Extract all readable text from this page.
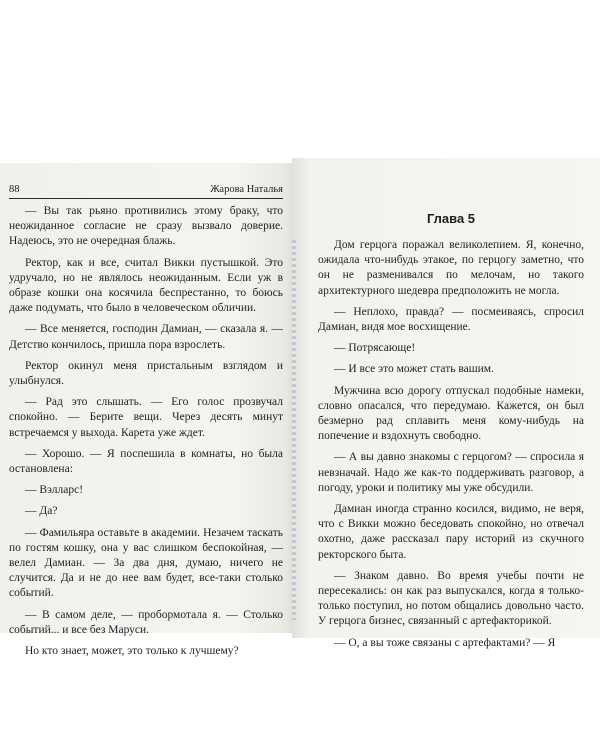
88	Жарова Наталья

— Вы так рьяно противились этому браку, что неожиданное согласие не сразу вызвало доверие. Надеюсь, это не очередная блажь.

Ректор, как и все, считал Викки пустышкой. Это удручало, но не являлось неожиданным. Если уж в образе кошки она косячила беспрестанно, то боюсь даже подумать, что было в человеческом обличии.

— Все меняется, господин Дамиан, — сказала я. — Детство кончилось, пришла пора взрослеть.

Ректор окинул меня пристальным взглядом и улыбнулся.

— Рад это слышать. — Его голос прозвучал спокойно. — Берите вещи. Через десять минут встречаемся у выхода. Карета уже ждет.

— Хорошо. — Я поспешила в комнаты, но была остановлена:

— Вэлларс!

— Да?

— Фамильяра оставьте в академии. Незачем таскать по гостям кошку, она у вас слишком беспокойная, — велел Дамиан. — За два дня, думаю, ничего не случится. Да и не до нее вам будет, все-таки столько событий.

— В самом деле, — пробормотала я. — Столько событий... и все без Маруси.

Но кто знает, может, это только к лучшему?

Глава 5

Дом герцога поражал великолепием. Я, конечно, ожидала что-нибудь этакое, по герцогу заметно, что он не разменивался по мелочам, но такого архитектурного шедевра предположить не могла.

— Неплохо, правда? — посмеиваясь, спросил Дамиан, видя мое восхищение.

— Потрясающе!

— И все это может стать вашим.

Мужчина всю дорогу отпускал подобные намеки, словно опасался, что передумаю. Кажется, он был безмерно рад сплавить меня кому-нибудь на попечение и вздохнуть свободно.

— А вы давно знакомы с герцогом? — спросила я невзначай. Надо же как-то поддерживать разговор, а погоду, уроки и политику мы уже обсудили.

Дамиан иногда странно косился, видимо, не веря, что с Викки можно беседовать спокойно, но отвечал охотно, даже рассказал пару историй из скучного ректорского быта.

— Знаком давно. Во время учебы почти не пересекались: он как раз выпускался, когда я только-только поступил, но потом общались довольно часто. У герцога бизнес, связанный с артефакторикой.

— О, а вы тоже связаны с артефактами? — Я
